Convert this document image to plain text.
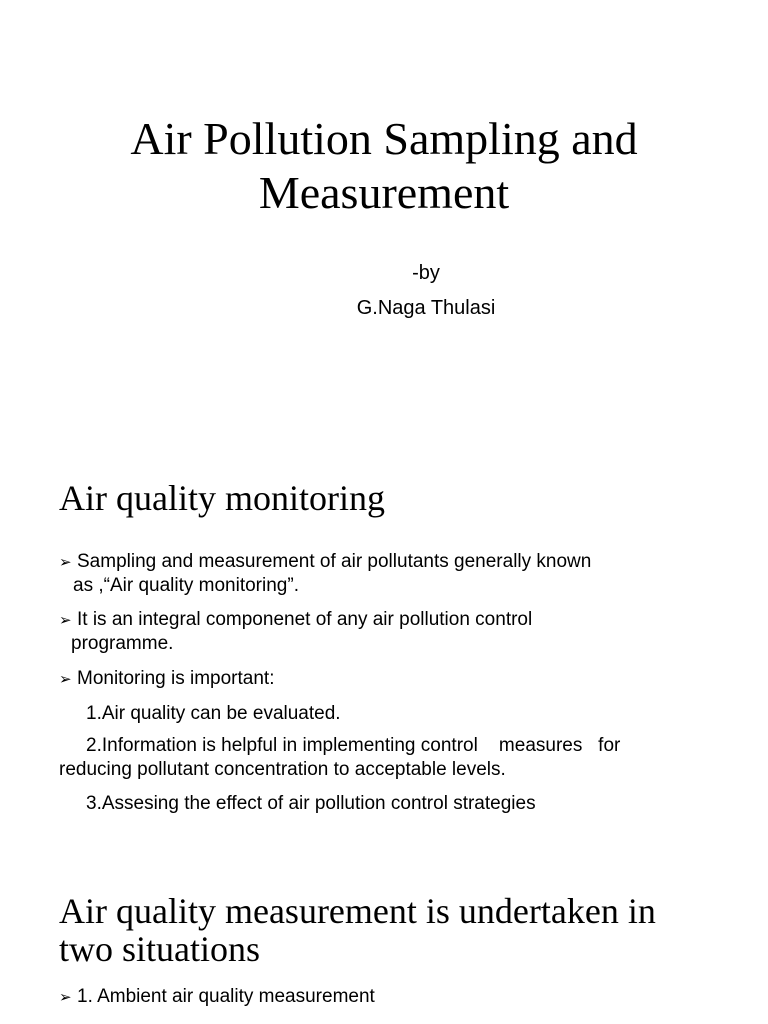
Air Pollution Sampling and
Measurement
-by
G.Naga Thulasi
Air quality monitoring
➢ Sampling and measurement of air pollutants generally known
as ,“Air quality monitoring”.
➢ It is an integral componenet of any air pollution control
programme.
➢ Monitoring is important:
1.Air quality can be evaluated.
2.Information is helpful in implementing control    measures   for
reducing pollutant concentration to acceptable levels.
3.Assesing the effect of air pollution control strategies
Air quality measurement is undertaken in
two situations
➢ 1. Ambient air quality measurement
